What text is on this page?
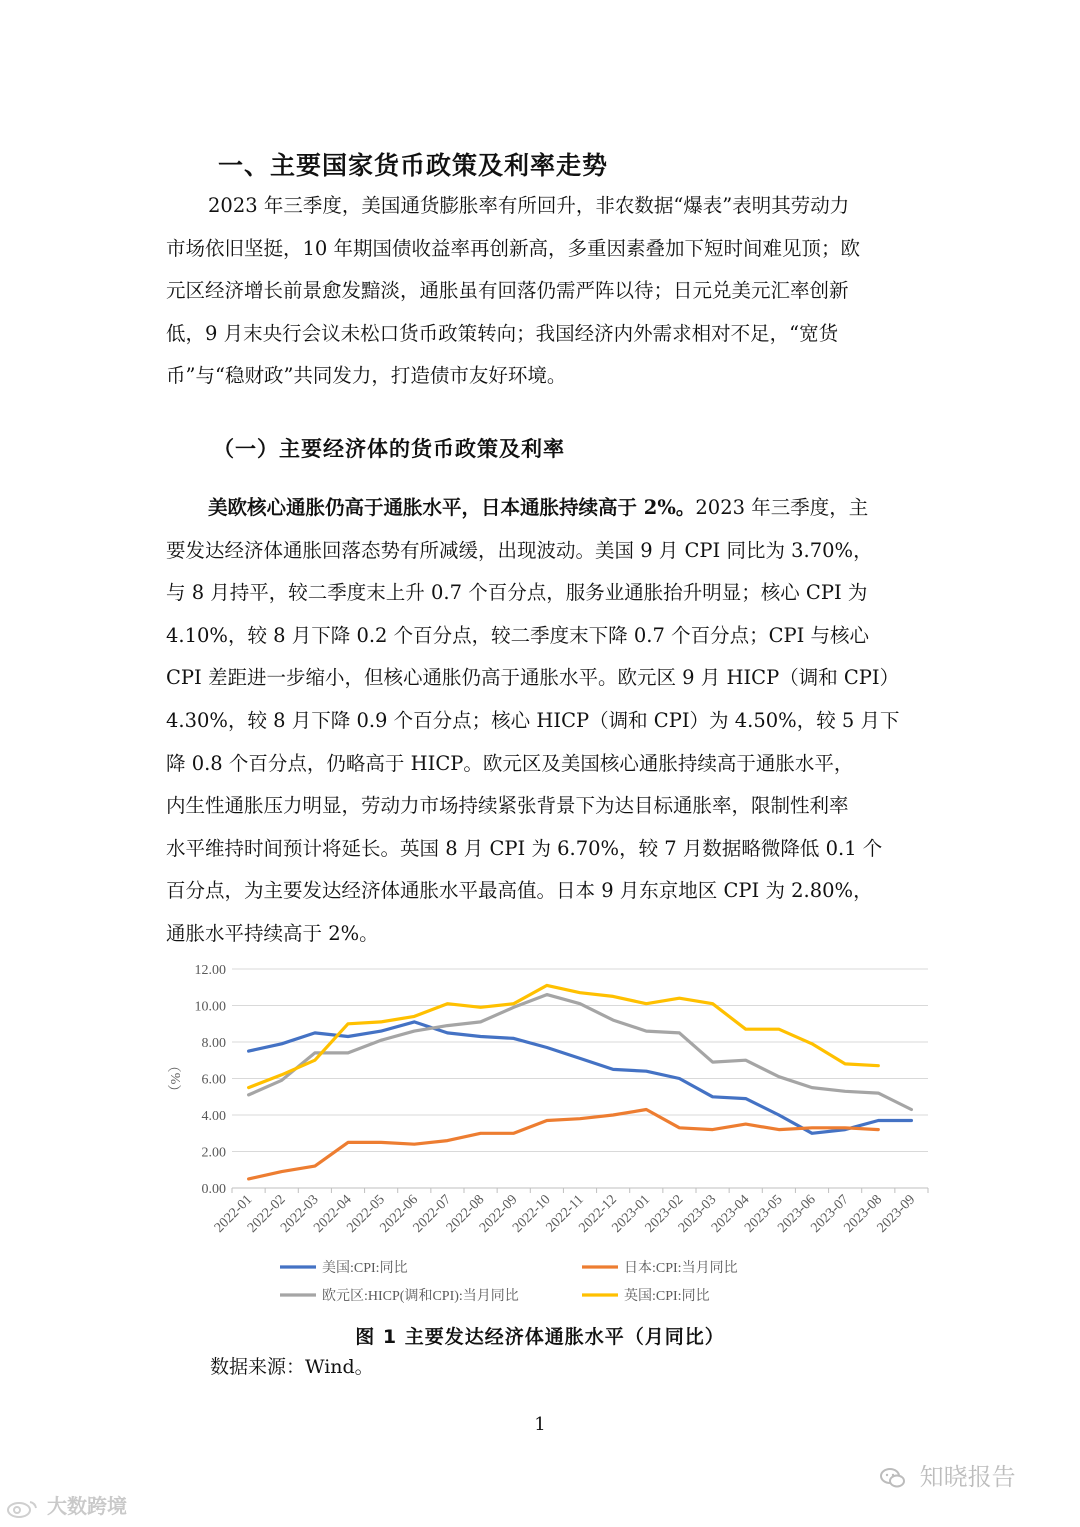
一、主要国家货币政策及利率走势

2023 年三季度，美国通货膨胀率有所回升，非农数据“爆表”表明其劳动力
市场依旧坚挺，10 年期国债收益率再创新高，多重因素叠加下短时间难见顶；欧
元区经济增长前景愈发黯淡，通胀虽有回落仍需严阵以待；日元兑美元汇率创新
低，9 月末央行会议未松口货币政策转向；我国经济内外需求相对不足，“宽货
币”与“稳财政”共同发力，打造债市友好环境。

（一）主要经济体的货币政策及利率

美欧核心通胀仍高于通胀水平，日本通胀持续高于 2%。2023 年三季度，主
要发达经济体通胀回落态势有所减缓，出现波动。美国 9 月 CPI 同比为 3.70%，
与 8 月持平，较二季度末上升 0.7 个百分点，服务业通胀抬升明显；核心 CPI 为
4.10%，较 8 月下降 0.2 个百分点，较二季度末下降 0.7 个百分点；CPI 与核心
CPI 差距进一步缩小，但核心通胀仍高于通胀水平。欧元区 9 月 HICP（调和 CPI）
4.30%，较 8 月下降 0.9 个百分点；核心 HICP（调和 CPI）为 4.50%，较 5 月下
降 0.8 个百分点，仍略高于 HICP。欧元区及美国核心通胀持续高于通胀水平，
内生性通胀压力明显，劳动力市场持续紧张背景下为达目标通胀率，限制性利率
水平维持时间预计将延长。英国 8 月 CPI 为 6.70%，较 7 月数据略微降低 0.1 个
百分点，为主要发达经济体通胀水平最高值。日本 9 月东京地区 CPI 为 2.80%，
通胀水平持续高于 2%。

0.00
2.00
4.00
6.00
8.00
10.00
12.00
（%）
2022-01
2022-02
2022-03
2022-04
2022-05
2022-06
2022-07
2022-08
2022-09
2022-10
2022-11
2022-12
2023-01
2023-02
2023-03
2023-04
2023-05
2023-06
2023-07
2023-08
2023-09
美国:CPI:同比	日本:CPI:当月同比
欧元区:HICP(调和CPI):当月同比	英国:CPI:同比
图 1 主要发达经济体通胀水平（月同比）
数据来源：Wind。
1
大数跨境
知晓报告
